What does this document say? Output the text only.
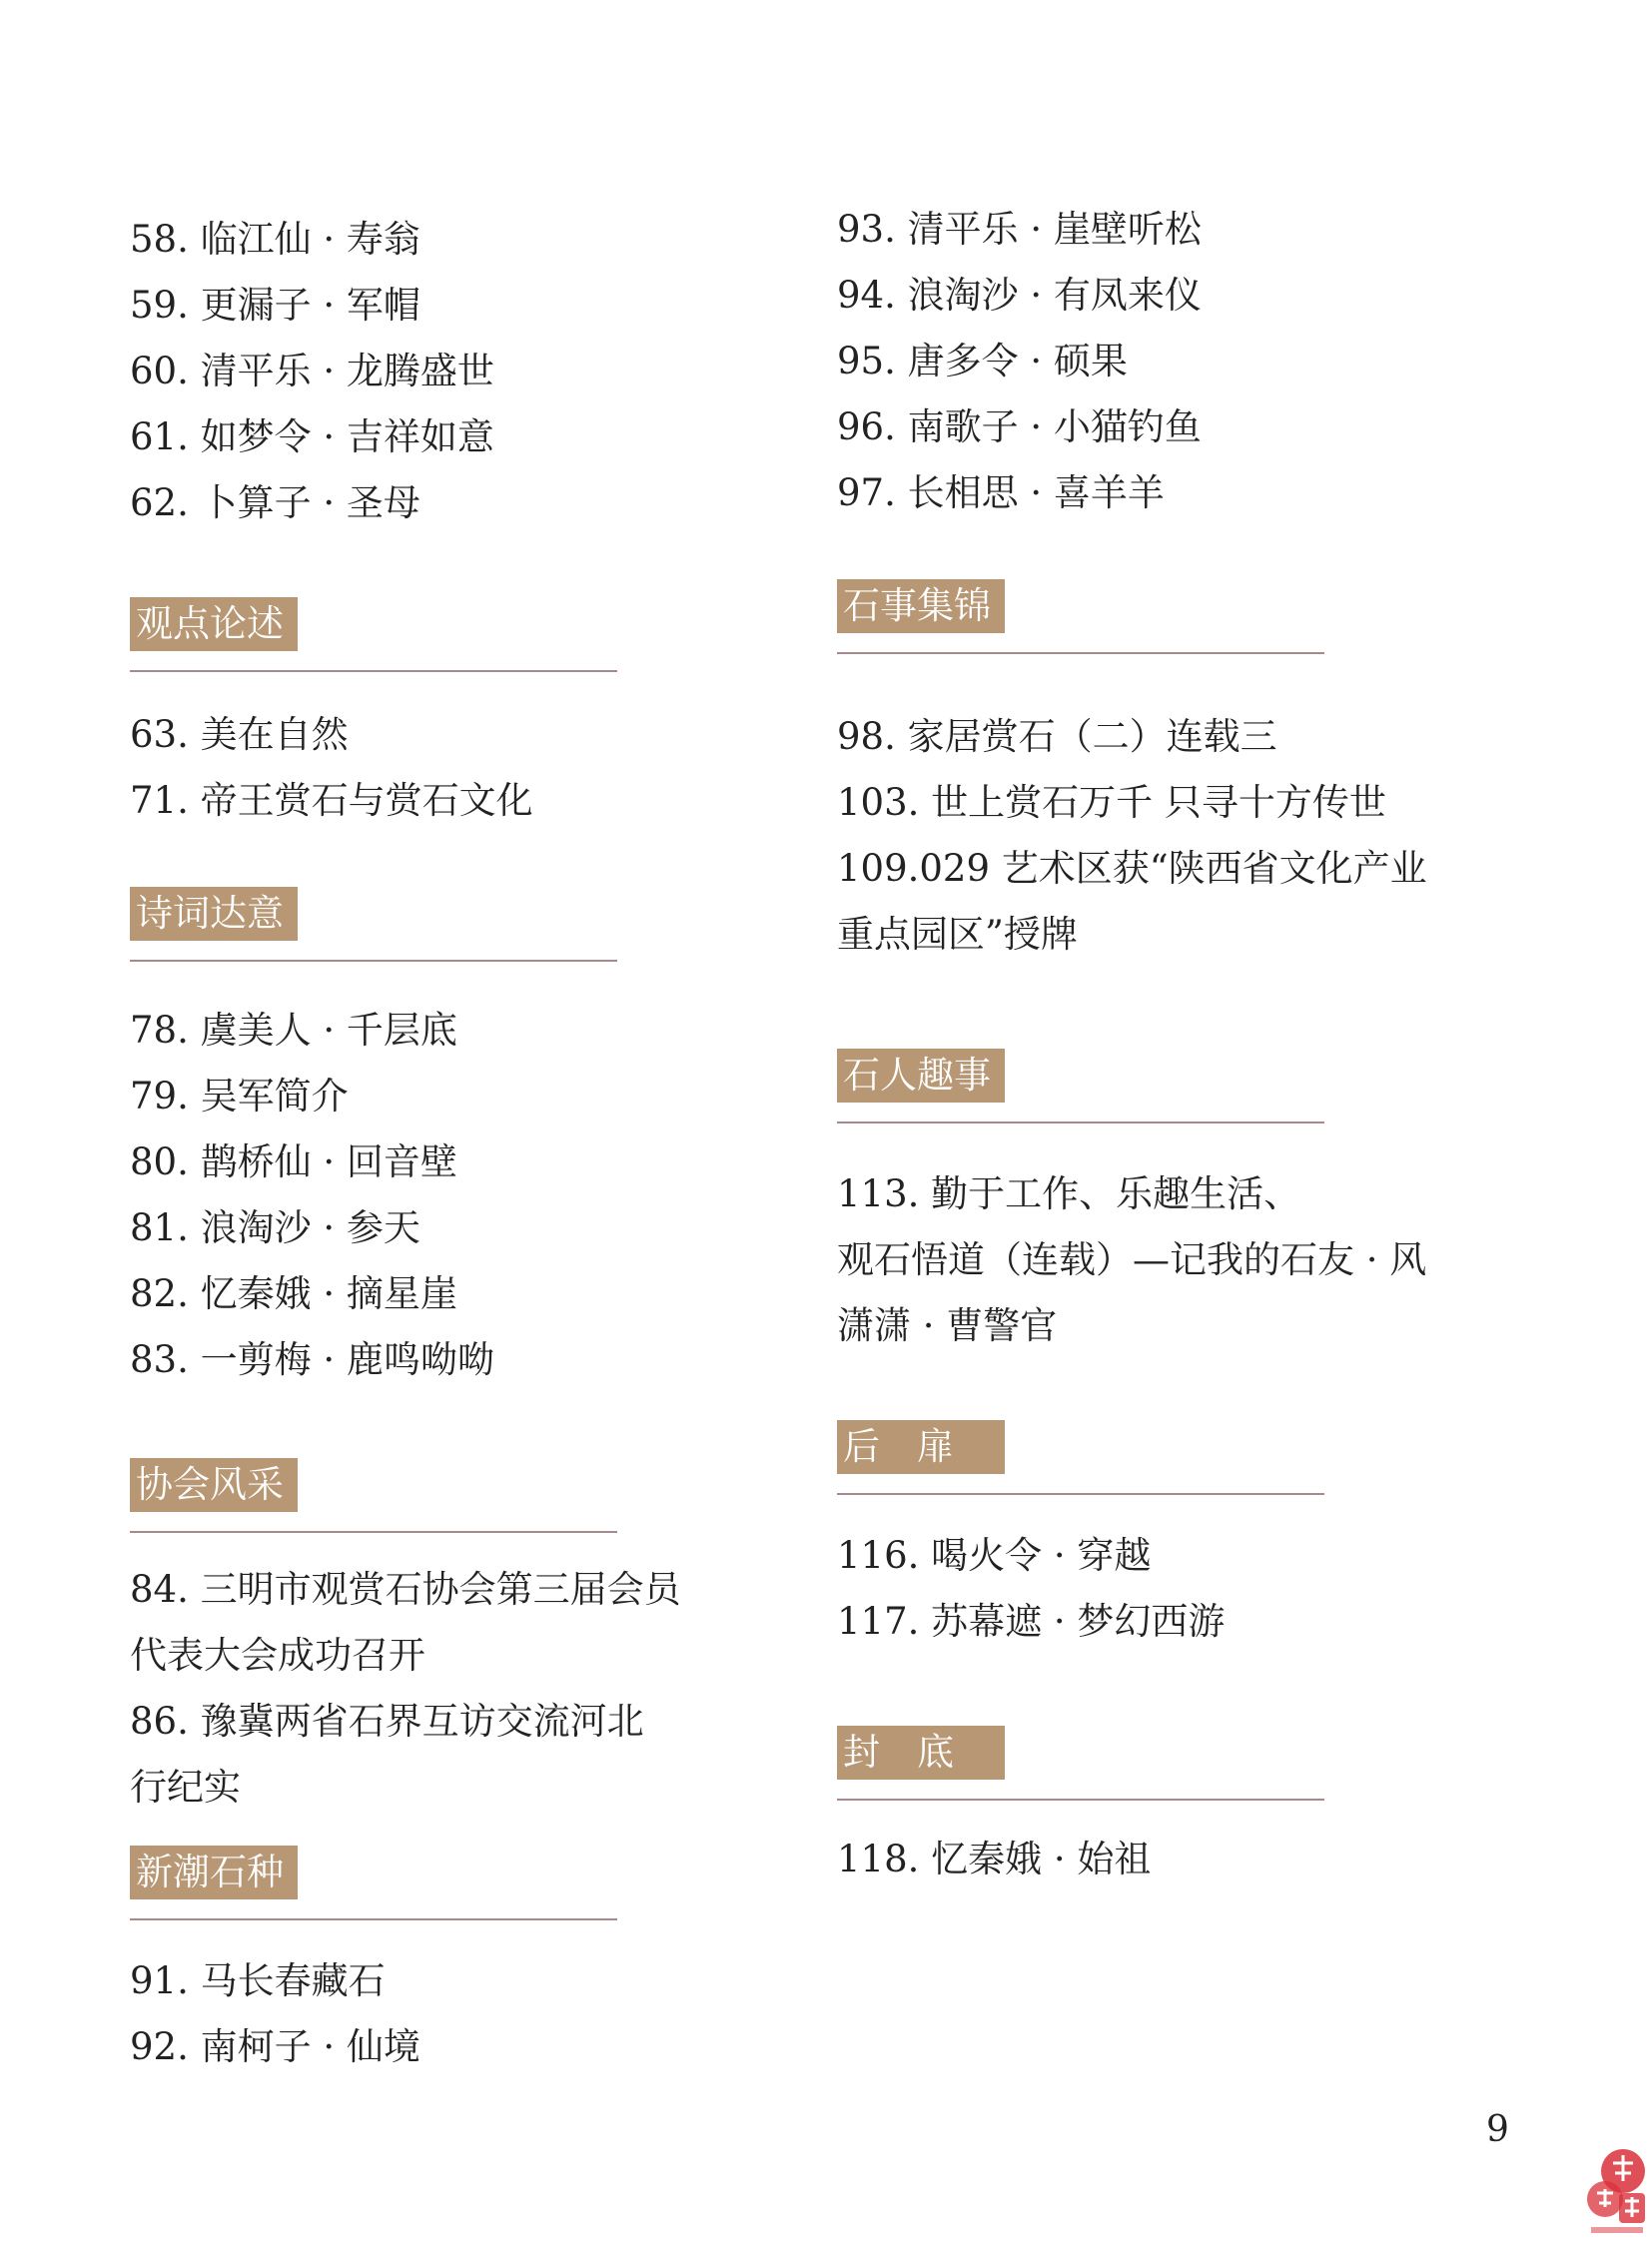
58. 临江仙 · 寿翁
59. 更漏子 · 军帽
60. 清平乐 · 龙腾盛世
61. 如梦令 · 吉祥如意
62. 卜算子 · 圣母
观点论述
63. 美在自然
71. 帝王赏石与赏石文化
诗词达意
78. 虞美人 · 千层底
79. 吴军简介
80. 鹊桥仙 · 回音壁
81. 浪淘沙 · 参天
82. 忆秦娥 · 摘星崖
83. 一剪梅 · 鹿鸣呦呦
协会风采
84. 三明市观赏石协会第三届会员
代表大会成功召开
86. 豫冀两省石界互访交流河北
行纪实
新潮石种
91. 马长春藏石
92. 南柯子 · 仙境
93. 清平乐 · 崖壁听松
94. 浪淘沙 · 有凤来仪
95. 唐多令 · 硕果
96. 南歌子 · 小猫钓鱼
97. 长相思 · 喜羊羊
石事集锦
98. 家居赏石（二）连载三
103. 世上赏石万千 只寻十方传世
109.029 艺术区获“陕西省文化产业
重点园区”授牌
石人趣事
113. 勤于工作、乐趣生活、
观石悟道（连载）—记我的石友 · 风
潇潇 · 曹警官
后　扉
116. 喝火令 · 穿越
117. 苏幕遮 · 梦幻西游
封　底
118. 忆秦娥 · 始祖
9
